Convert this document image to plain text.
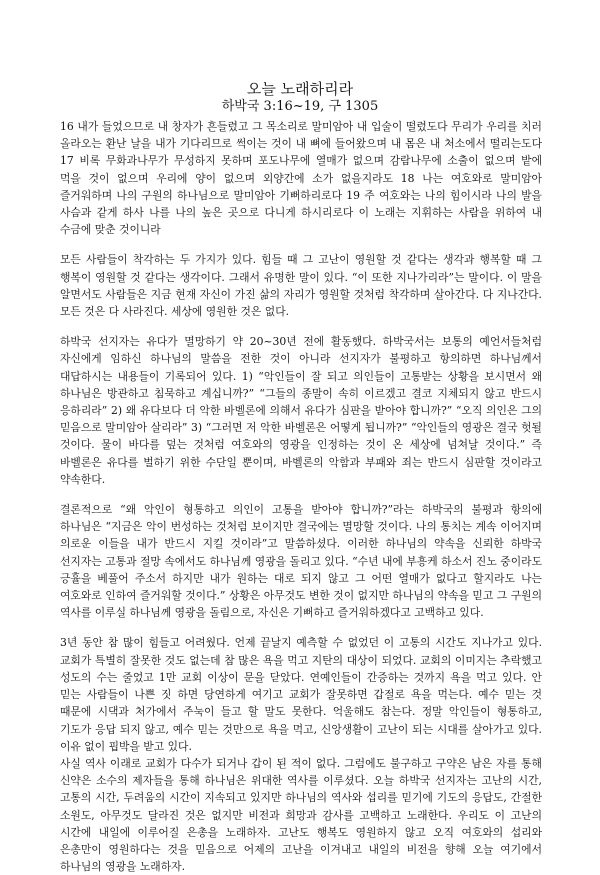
오늘 노래하리라
하박국 3:16~19, 구 1305

16 내가 들었으므로 내 창자가 흔들렸고 그 목소리로 말미암아 내 입술이 떨렸도다 무리가 우리를 치러 올라오는 환난 날을 내가 기다리므로 썩이는 것이 내 뼈에 들어왔으며 내 몸은 내 처소에서 떨리는도다 17 비록 무화과나무가 무성하지 못하며 포도나무에 열매가 없으며 감람나무에 소출이 없으며 밭에 먹을 것이 없으며 우리에 양이 없으며 외양간에 소가 없을지라도 18 나는 여호와로 말미암아 즐거워하며 나의 구원의 하나님으로 말미암아 기뻐하리로다 19 주 여호와는 나의 힘이시라 나의 발을 사슴과 같게 하사 나를 나의 높은 곳으로 다니게 하시리로다 이 노래는 지휘하는 사람을 위하여 내 수금에 맞춘 것이니라

모든 사람들이 착각하는 두 가지가 있다. 힘들 때 그 고난이 영원할 것 같다는 생각과 행복할 때 그 행복이 영원할 것 같다는 생각이다. 그래서 유명한 말이 있다. “이 또한 지나가리라”는 말이다. 이 말을 알면서도 사람들은 지금 현재 자신이 가진 삶의 자리가 영원할 것처럼 착각하며 살아간다. 다 지나간다. 모든 것은 다 사라진다. 세상에 영원한 것은 없다.

하박국 선지자는 유다가 멸망하기 약 20~30년 전에 활동했다. 하박국서는 보통의 예언서들처럼 자신에게 임하신 하나님의 말씀을 전한 것이 아니라 선지자가 불평하고 항의하면 하나님께서 대답하시는 내용들이 기록되어 있다. 1) “악인들이 잘 되고 의인들이 고통받는 상황을 보시면서 왜 하나님은 방관하고 침묵하고 계십니까?” “그들의 종말이 속히 이르겠고 결코 지체되지 않고 반드시 응하리라” 2) 왜 유다보다 더 악한 바벨론에 의해서 유다가 심판을 받아야 합니까?” “오직 의인은 그의 믿음으로 말미암아 살리라” 3) “그러면 저 악한 바벨론은 어떻게 됩니까?” “악인들의 영광은 결국 헛될 것이다. 물이 바다를 덮는 것처럼 여호와의 영광을 인정하는 것이 온 세상에 넘쳐날 것이다.” 즉 바벨론은 유다를 벌하기 위한 수단일 뿐이며, 바벨론의 악함과 부패와 죄는 반드시 심판할 것이라고 약속한다.

결론적으로 “왜 악인이 형통하고 의인이 고통을 받아야 합니까?”라는 하박국의 불평과 항의에 하나님은 “지금은 악이 번성하는 것처럼 보이지만 결국에는 멸망할 것이다. 나의 통치는 계속 이어지며 의로운 이들을 내가 반드시 지킬 것이라”고 말씀하셨다. 이러한 하나님의 약속을 신뢰한 하박국 선지자는 고통과 절망 속에서도 하나님께 영광을 돌리고 있다. “수년 내에 부흥케 하소서 진노 중이라도 긍휼을 베풀어 주소서 하지만 내가 원하는 대로 되지 않고 그 어떤 열매가 없다고 할지라도 나는 여호와로 인하여 즐거워할 것이다.” 상황은 아무것도 변한 것이 없지만 하나님의 약속을 믿고 그 구원의 역사를 이루실 하나님께 영광을 돌림으로, 자신은 기뻐하고 즐거워하겠다고 고백하고 있다.

3년 동안 참 많이 힘들고 어려웠다. 언제 끝날지 예측할 수 없었던 이 고통의 시간도 지나가고 있다. 교회가 특별히 잘못한 것도 없는데 참 많은 욕을 먹고 지탄의 대상이 되었다. 교회의 이미지는 추락했고 성도의 수는 줄었고 1만 교회 이상이 문을 닫았다. 연예인들이 간증하는 것까지 욕을 먹고 있다. 안 믿는 사람들이 나쁜 짓 하면 당연하게 여기고 교회가 잘못하면 갑절로 욕을 먹는다. 예수 믿는 것 때문에 시댁과 처가에서 주눅이 들고 할 말도 못한다. 억울해도 참는다. 정말 악인들이 형통하고, 기도가 응답 되지 않고, 예수 믿는 것만으로 욕을 먹고, 신앙생활이 고난이 되는 시대를 살아가고 있다. 이유 없이 핍박을 받고 있다.

사실 역사 이래로 교회가 다수가 되거나 갑이 된 적이 없다. 그럼에도 불구하고 구약은 남은 자를 통해 신약은 소수의 제자들을 통해 하나님은 위대한 역사를 이루셨다. 오늘 하박국 선지자는 고난의 시간, 고통의 시간, 두려움의 시간이 지속되고 있지만 하나님의 역사와 섭리를 믿기에 기도의 응답도, 간절한 소원도, 아무것도 달라진 것은 없지만 비전과 희망과 감사를 고백하고 노래한다. 우리도 이 고난의 시간에 내일에 이루어질 은총을 노래하자. 고난도 행복도 영원하지 않고 오직 여호와의 섭리와 은총만이 영원하다는 것을 믿음으로 어제의 고난을 이겨내고 내일의 비전을 향해 오늘 여기에서 하나님의 영광을 노래하자.
